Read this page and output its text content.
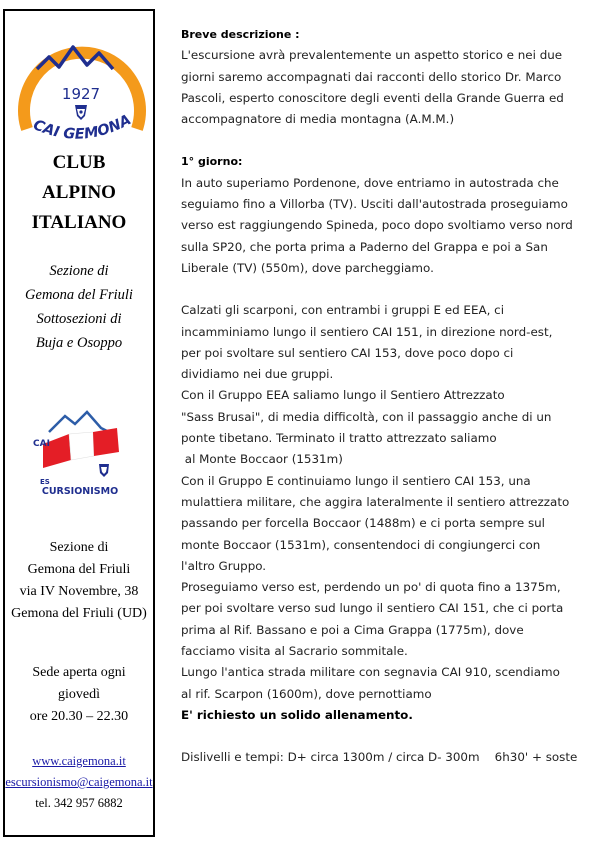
1927
CAI GEMONA
CLUB
ALPINO
ITALIANO
Sezione di
Gemona del Friuli
Sottosezioni di
Buja e Osoppo
CAI
ES
CURSIONISMO
Sezione di
Gemona del Friuli
via IV Novembre, 38
Gemona del Friuli (UD)
Sede aperta ogni
giovedì
ore 20.30 – 22.30
www.caigemona.it
escursionismo@caigemona.it
tel. 342 957 6882

Breve descrizione :

L'escursione avrà prevalentemente un aspetto storico e nei due

giorni saremo accompagnati dai racconti dello storico Dr. Marco

Pascoli, esperto conoscitore degli eventi della Grande Guerra ed

accompagnatore di media montagna (A.M.M.)

1° giorno:

In auto superiamo Pordenone, dove entriamo in autostrada che

seguiamo fino a Villorba (TV). Usciti dall'autostrada proseguiamo

verso est raggiungendo Spineda, poco dopo svoltiamo verso nord

sulla SP20, che porta prima a Paderno del Grappa e poi a San

Liberale (TV) (550m), dove parcheggiamo.

Calzati gli scarponi, con entrambi i gruppi E ed EEA, ci

incamminiamo lungo il sentiero CAI 151, in direzione nord-est,

per poi svoltare sul sentiero CAI 153, dove poco dopo ci

dividiamo nei due gruppi.

Con il Gruppo EEA saliamo lungo il Sentiero Attrezzato

"Sass Brusai", di media difficoltà, con il passaggio anche di un

ponte tibetano. Terminato il tratto attrezzato saliamo

al Monte Boccaor (1531m)

Con il Gruppo E continuiamo lungo il sentiero CAI 153, una

mulattiera militare, che aggira lateralmente il sentiero attrezzato

passando per forcella Boccaor (1488m) e ci porta sempre sul

monte Boccaor (1531m), consentendoci di congiungerci con

l'altro Gruppo.

Proseguiamo verso est, perdendo un po' di quota fino a 1375m,

per poi svoltare verso sud lungo il sentiero CAI 151, che ci porta

prima al Rif. Bassano e poi a Cima Grappa (1775m), dove

facciamo visita al Sacrario sommitale.

Lungo l'antica strada militare con segnavia CAI 910, scendiamo

al rif. Scarpon (1600m), dove pernottiamo

E' richiesto un solido allenamento.

Dislivelli e tempi: D+ circa 1300m / circa D- 300m    6h30' + soste
